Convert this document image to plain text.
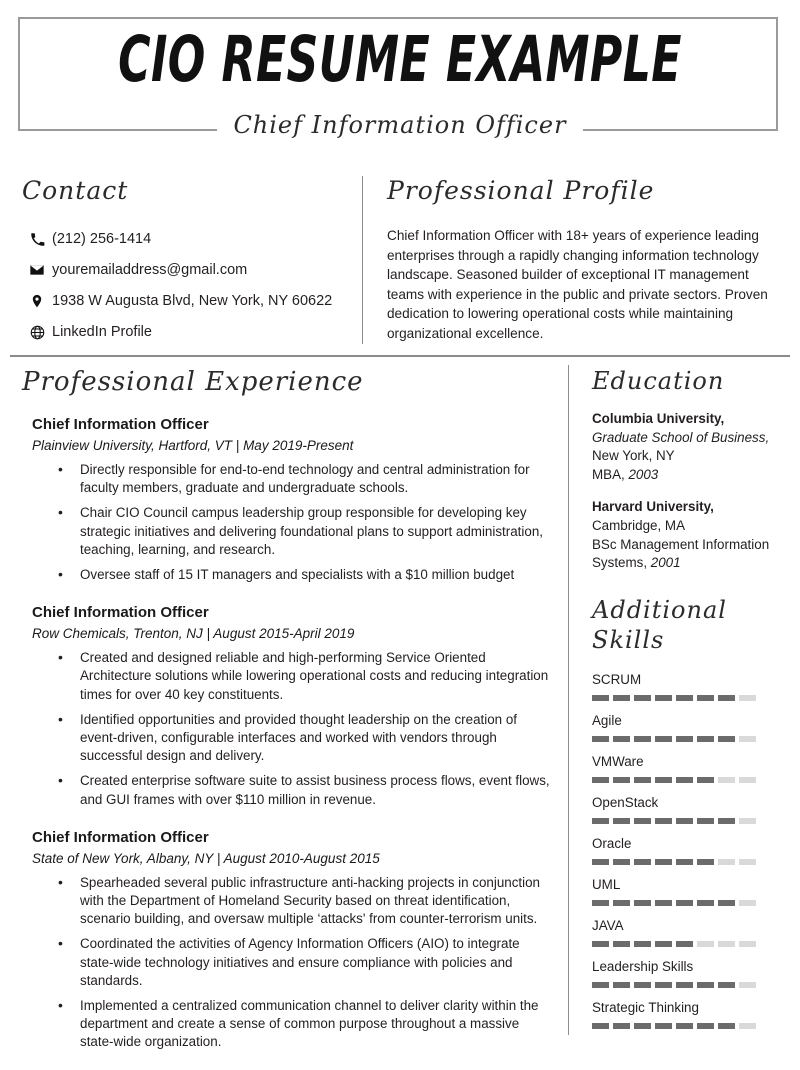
CIO RESUME EXAMPLE
Chief Information Officer
Contact
(212) 256-1414
youremailaddress@gmail.com
1938 W Augusta Blvd, New York, NY 60622
LinkedIn Profile
Professional Profile
Chief Information Officer with 18+ years of experience leading enterprises through a rapidly changing information technology landscape. Seasoned builder of exceptional IT management teams with experience in the public and private sectors. Proven dedication to lowering operational costs while maintaining organizational excellence.
Professional Experience
Chief Information Officer
Plainview University, Hartford, VT | May 2019-Present
• Directly responsible for end-to-end technology and central administration for faculty members, graduate and undergraduate schools.
• Chair CIO Council campus leadership group responsible for developing key strategic initiatives and delivering foundational plans to support administration, teaching, learning, and research.
• Oversee staff of 15 IT managers and specialists with a $10 million budget
Chief Information Officer
Row Chemicals, Trenton, NJ | August 2015-April 2019
• Created and designed reliable and high-performing Service Oriented Architecture solutions while lowering operational costs and reducing integration times for over 40 key constituents.
• Identified opportunities and provided thought leadership on the creation of event-driven, configurable interfaces and worked with vendors through successful design and delivery.
• Created enterprise software suite to assist business process flows, event flows, and GUI frames with over $110 million in revenue.
Chief Information Officer
State of New York, Albany, NY | August 2010-August 2015
• Spearheaded several public infrastructure anti-hacking projects in conjunction with the Department of Homeland Security based on threat identification, scenario building, and oversaw multiple ‘attacks' from counter-terrorism units.
• Coordinated the activities of Agency Information Officers (AIO) to integrate state-wide technology initiatives and ensure compliance with policies and standards.
• Implemented a centralized communication channel to deliver clarity within the department and create a sense of common purpose throughout a massive state-wide organization.
Education
Columbia University,
Graduate School of Business, New York, NY
MBA, 2003
Harvard University,
Cambridge, MA
BSc Management Information Systems, 2001
Additional Skills
SCRUM
Agile
VMWare
OpenStack
Oracle
UML
JAVA
Leadership Skills
Strategic Thinking
